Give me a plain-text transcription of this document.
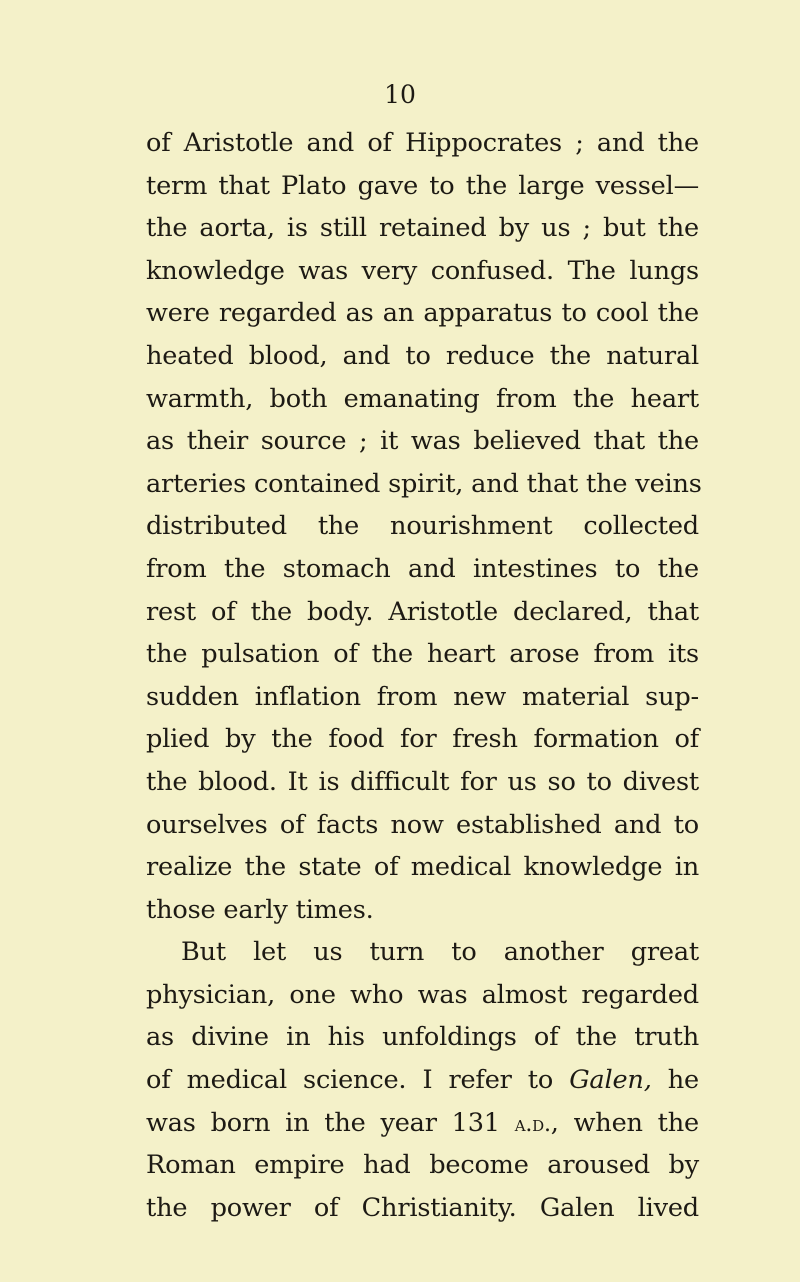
10
of Aristotle and of Hippocrates ; and the
term that Plato gave to the large vessel—
the aorta, is still retained by us ; but the
knowledge was very confused. The lungs
were regarded as an apparatus to cool the
heated blood, and to reduce the natural
warmth, both emanating from the heart
as their source ; it was believed that the
arteries contained spirit, and that the veins
distributed the nourishment collected
from the stomach and intestines to the
rest of the body. Aristotle declared, that
the pulsation of the heart arose from its
sudden inflation from new material sup-
plied by the food for fresh formation of
the blood. It is difficult for us so to divest
ourselves of facts now established and to
realize the state of medical knowledge in
those early times.
But let us turn to another great
physician, one who was almost regarded
as divine in his unfoldings of the truth
of medical science. I refer to Galen, he
was born in the year 131 a.d., when the
Roman empire had become aroused by
the power of Christianity. Galen lived
